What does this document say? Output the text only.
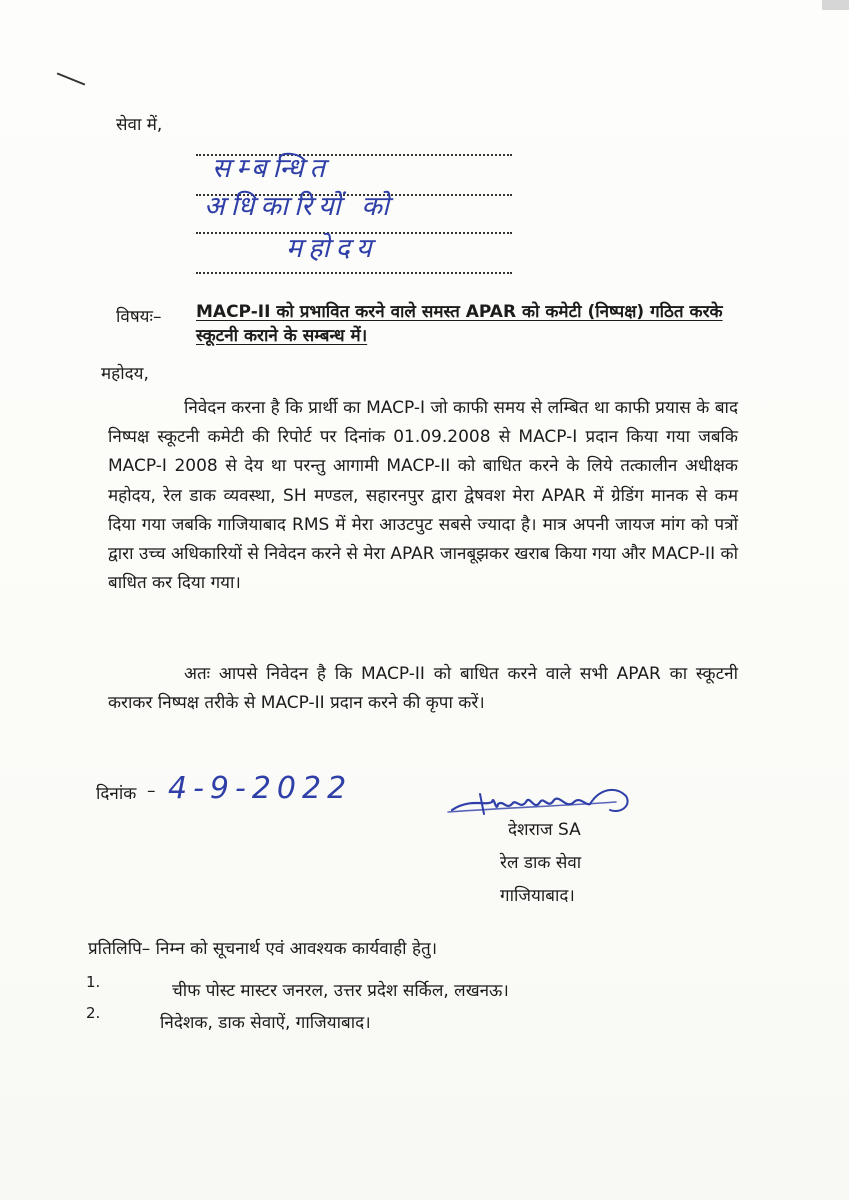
सेवा में,
सम्बन्धित
अधिकारियों को
महोदय
विषयः– MACP-II को प्रभावित करने वाले समस्त APAR को कमेटी (निष्पक्ष) गठित करके स्कूटनी कराने के सम्बन्ध में।
महोदय,
निवेदन करना है कि प्रार्थी का MACP-I जो काफी समय से लम्बित था काफी प्रयास के बाद निष्पक्ष स्कूटनी कमेटी की रिपोर्ट पर दिनांक 01.09.2008 से MACP-I प्रदान किया गया जबकि MACP-I 2008 से देय था परन्तु आगामी MACP-II को बाधित करने के लिये तत्कालीन अधीक्षक महोदय, रेल डाक व्यवस्था, SH मण्डल, सहारनपुर द्वारा द्वेषवश मेरा APAR में ग्रेडिंग मानक से कम दिया गया जबकि गाजियाबाद RMS में मेरा आउटपुट सबसे ज्यादा है। मात्र अपनी जायज मांग को पत्रों द्वारा उच्च अधिकारियों से निवेदन करने से मेरा APAR जानबूझकर खराब किया गया और MACP-II को बाधित कर दिया गया।
अतः आपसे निवेदन है कि MACP-II को बाधित करने वाले सभी APAR का स्कूटनी कराकर निष्पक्ष तरीके से MACP-II प्रदान करने की कृपा करें।
दिनांक – 4-9-2022
देशराज SA
रेल डाक सेवा
गाजियाबाद।
प्रतिलिपि– निम्न को सूचनार्थ एवं आवश्यक कार्यवाही हेतु।
1.	चीफ पोस्ट मास्टर जनरल, उत्तर प्रदेश सर्किल, लखनऊ।
2.	निदेशक, डाक सेवाऐं, गाजियाबाद।
